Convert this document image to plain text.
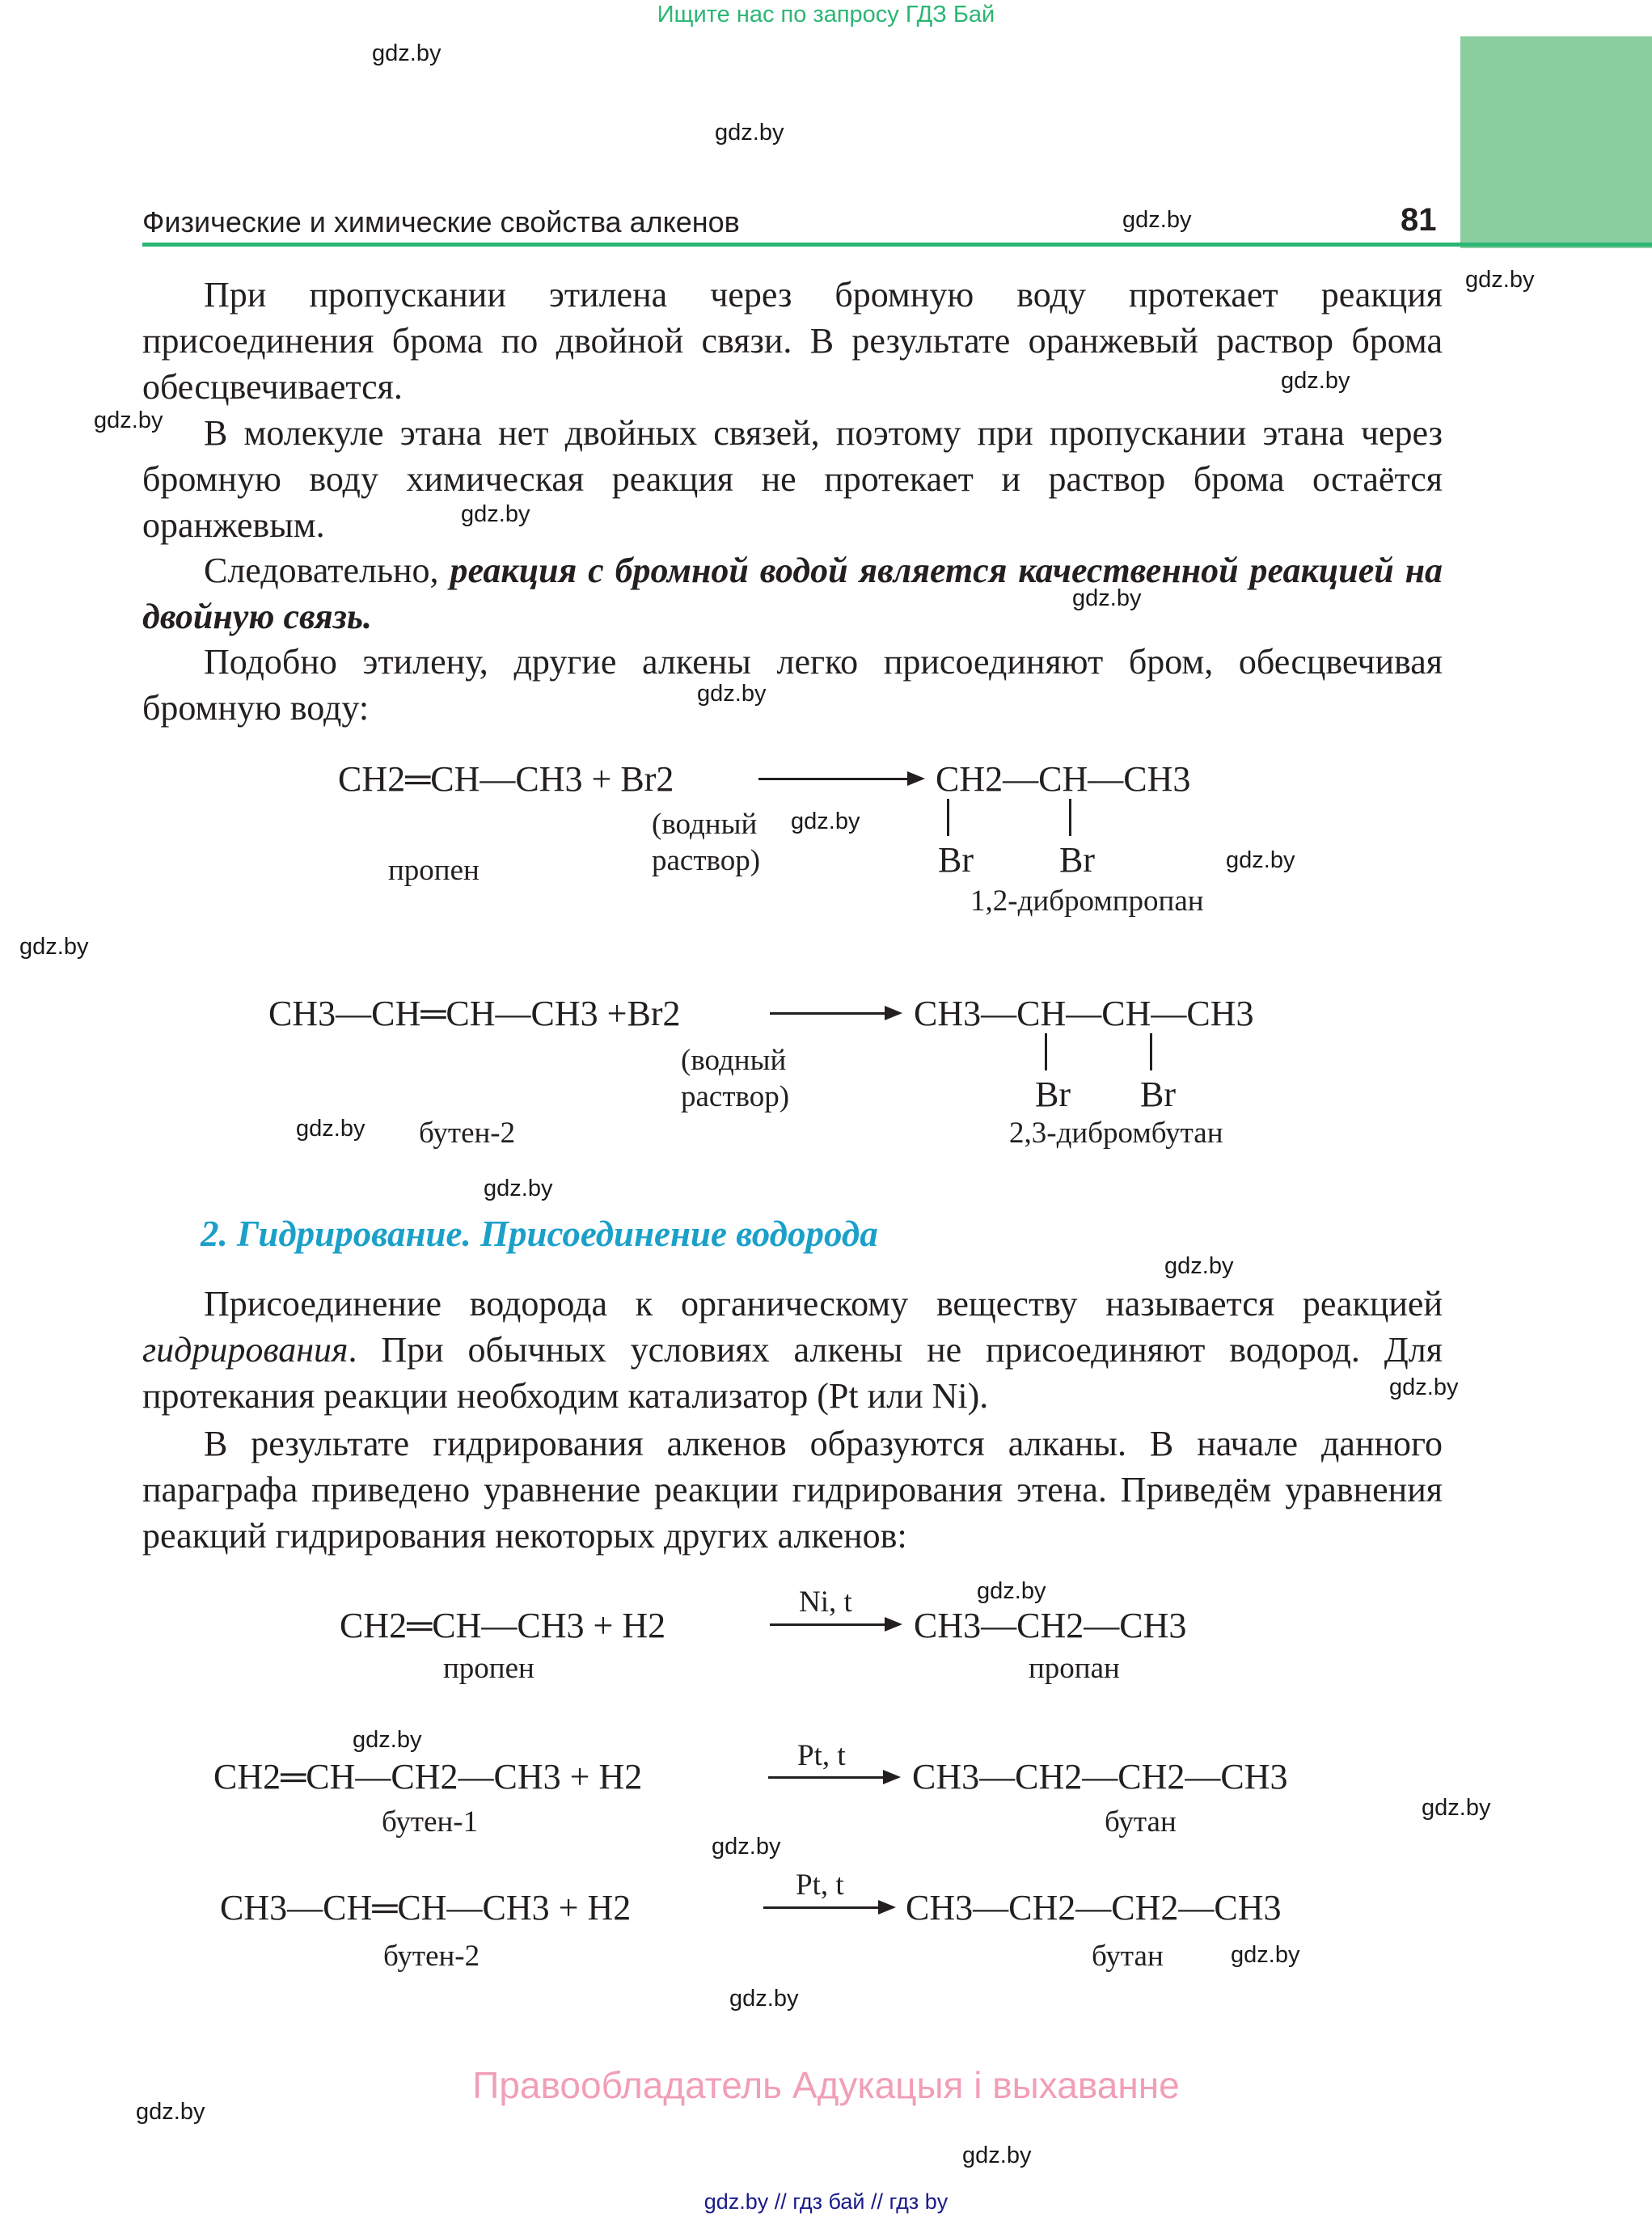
Ищите нас по запросу ГДЗ Бай
Физические и химические свойства алкенов	81
При пропускании этилена через бромную воду протекает реакция присоединения брома по двойной связи. В результате оранжевый раствор брома обесцвечивается.
В молекуле этана нет двойных связей, поэтому при пропускании этана через бромную воду химическая реакция не протекает и раствор брома остаётся оранжевым.
Следовательно, реакция с бромной водой является качественной реакцией на двойную связь.
Подобно этилену, другие алкены легко присоединяют бром, обесцвечивая бромную воду:
CH2═CH—CH3 + Br2
(водный
раствор)
пропен
CH2—CH—CH3
Br Br
1,2-дибромпропан
CH3—CH═CH—CH3 +Br2
(водный
раствор)
бутен-2
CH3—CH—CH—CH3
Br Br
2,3-дибромбутан
2. Гидрирование. Присоединение водорода
Присоединение водорода к органическому веществу называется реакцией гидрирования. При обычных условиях алкены не присоединяют водород. Для протекания реакции необходим катализатор (Pt или Ni).
В результате гидрирования алкенов образуются алканы. В начале данного параграфа приведено уравнение реакции гидрирования этена. Приведём уравнения реакций гидрирования некоторых других алкенов:
CH2═CH—CH3 + H2
Ni, t
пропен
CH3—CH2—CH3
пропан
CH2═CH—CH2—CH3 + H2
Pt, t
бутен-1
CH3—CH2—CH2—CH3
бутан
CH3—CH═CH—CH3 + H2
Pt, t
бутен-2
CH3—CH2—CH2—CH3
бутан
Правообладатель Адукацыя і выхаванне
gdz.by // гдз бай // гдз by
gdz.by
gdz.by
gdz.by
gdz.by
gdz.by
gdz.by
gdz.by
gdz.by
gdz.by
gdz.by
gdz.by
gdz.by
gdz.by
gdz.by
gdz.by
gdz.by
gdz.by
gdz.by
gdz.by
gdz.by
gdz.by
gdz.by
gdz.by
gdz.by
